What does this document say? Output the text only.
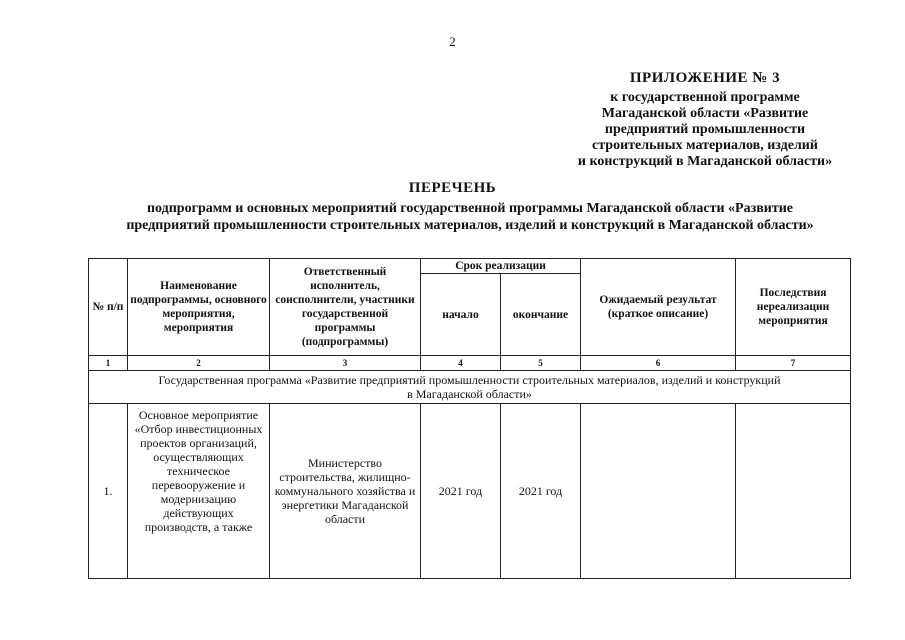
2
ПРИЛОЖЕНИЕ № 3
к государственной программе
Магаданской области «Развитие
предприятий промышленности
строительных материалов, изделий
и конструкций в Магаданской области»
ПЕРЕЧЕНЬ
подпрограмм и основных мероприятий государственной программы Магаданской области «Развитие
предприятий промышленности строительных материалов, изделий и конструкций в Магаданской области»
№ п/п	Наименование подпрограммы, основного мероприятия, мероприятия	Ответственный исполнитель, соисполнители, участники государственной программы (подпрограммы)	Срок реализации		Ожидаемый результат (краткое описание)	Последствия нереализации мероприятия
			начало	окончание		
1	2	3	4	5	6	7

Государственная программа «Развитие предприятий промышленности строительных материалов, изделий и конструкций
в Магаданской области»						

1.	Основное мероприятие «Отбор инвестиционных проектов организаций, осуществляющих техническое перевооружение и модернизацию действующих производств, а также	Министерство строительства, жилищно-коммунального хозяйства и энергетики Магаданской области	2021 год	2021 год		
